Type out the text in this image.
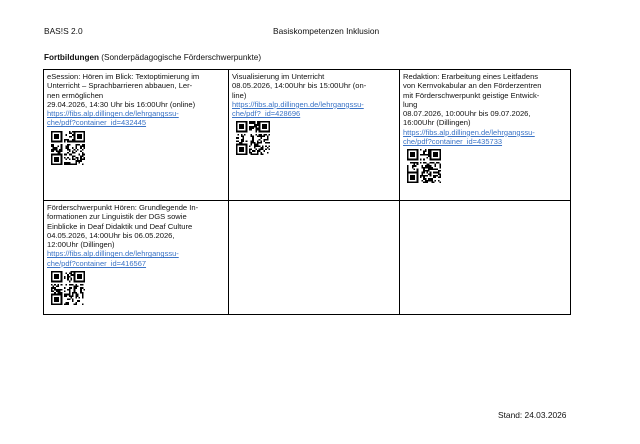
BAS!S 2.0	Basiskompetenzen Inklusion
Fortbildungen (Sonderpädagogische Förderschwerpunkte)
eSession: Hören im Blick: Textoptimierung im
Unterricht – Sprachbarrieren abbauen, Ler-
nen ermöglichen
29.04.2026, 14:30 Uhr bis 16:00Uhr (online)
https://fibs.alp.dillingen.de/lehrgangssu-
che/pdf?container_id=432445
Visualisierung im Unterricht
08.05.2026, 14:00Uhr bis 15:00Uhr (on-
line)
https://fibs.alp.dillingen.de/lehrgangssu-
che/pdf?_id=428696
Redaktion: Erarbeitung eines Leitfadens
von Kernvokabular an den Förderzentren
mit Förderschwerpunkt geistige Entwick-
lung
08.07.2026, 10:00Uhr bis 09.07.2026,
16:00Uhr (Dillingen)
https://fibs.alp.dillingen.de/lehrgangssu-
che/pdf?container_id=435733
Förderschwerpunkt Hören: Grundlegende In-
formationen zur Linguistik der DGS sowie
Einblicke in Deaf Didaktik und Deaf Culture
04.05.2026, 14:00Uhr bis 06.05.2026,
12:00Uhr (Dillingen)
https://fibs.alp.dillingen.de/lehrgangssu-
che/pdf?container_id=416567
Stand: 24.03.2026
